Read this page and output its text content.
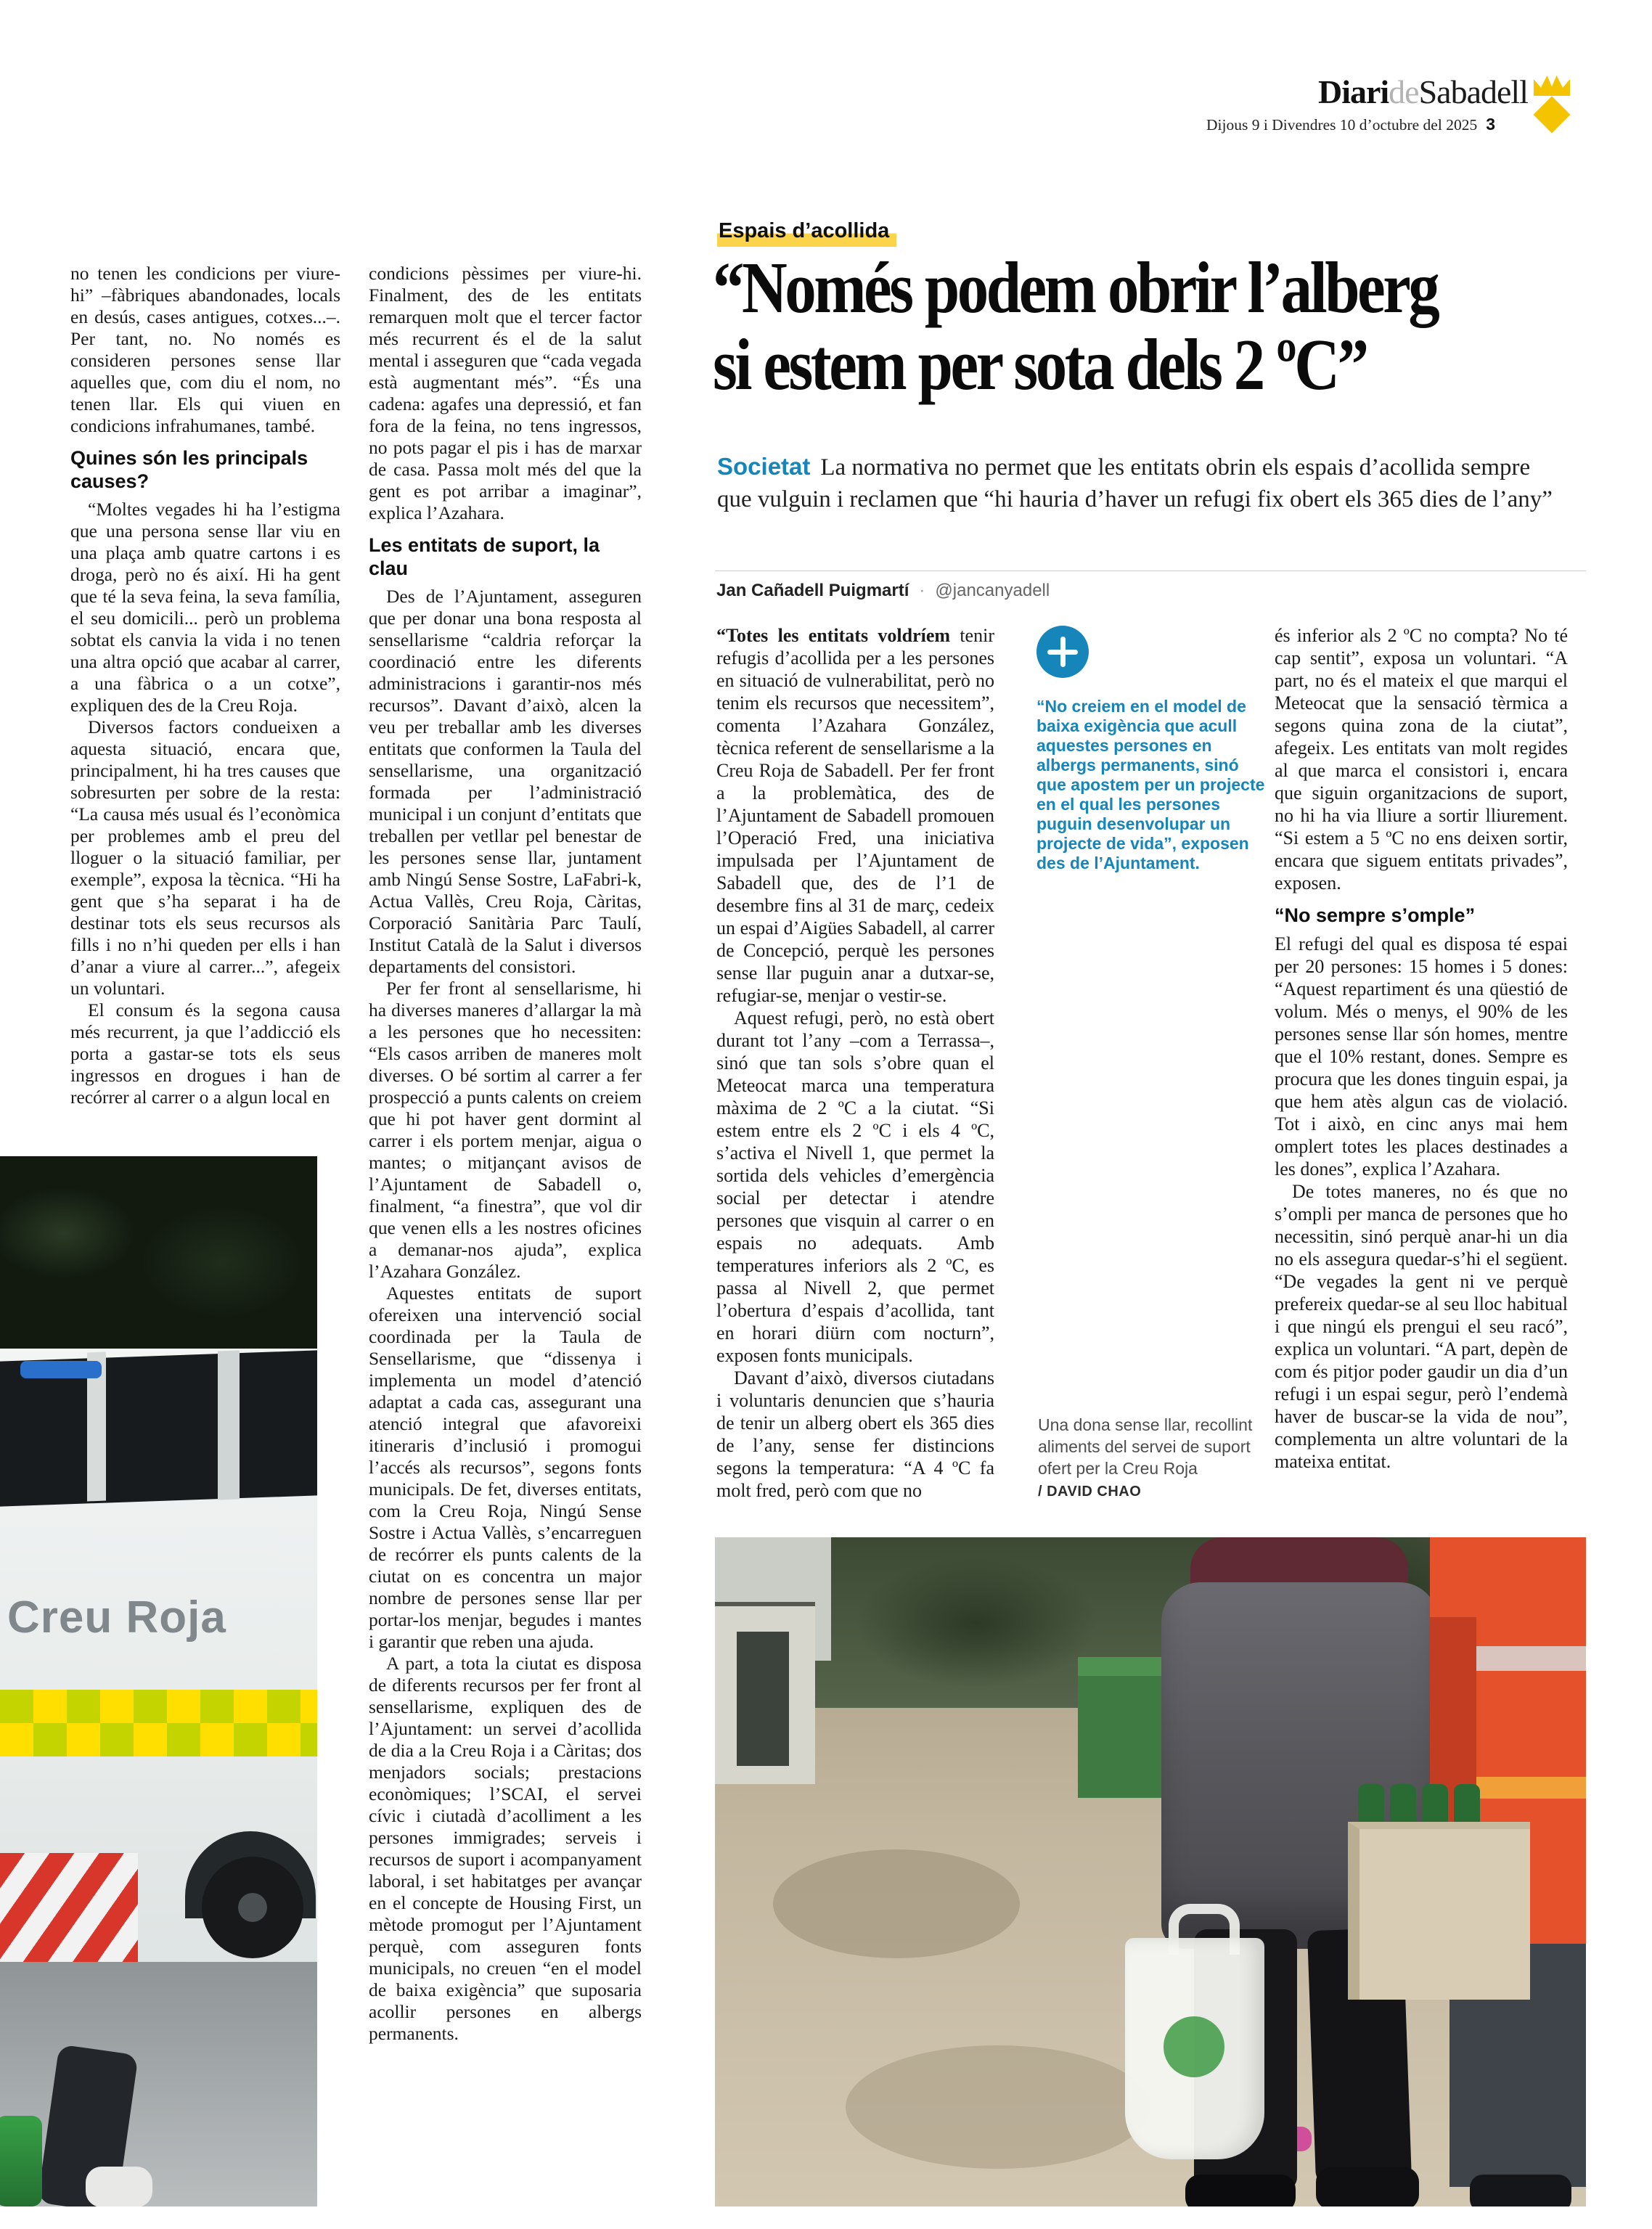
DiarideSabadell
Dijous 9 i Divendres 10 d’octubre del 2025 3
Espais d’acollida
“Només podem obrir l’alberg
si estem per sota dels 2 ºC”

Societat La normativa no permet que les entitats obrin els espais d’acollida sempre que vulguin i reclamen que “hi hauria d’haver un refugi fix obert els 365 dies de l’any”

Jan Cañadell Puigmartí · @jancanyadell

no tenen les condicions per viure-hi” –fàbriques abandonades, locals en desús, cases antigues, cotxes...–. Per tant, no. No només es consideren persones sense llar aquelles que, com diu el nom, no tenen llar. Els qui viuen en condicions infrahumanes, també.

Quines són les principals causes?

“Moltes vegades hi ha l’estigma que una persona sense llar viu en una plaça amb quatre cartons i es droga, però no és així. Hi ha gent que té la seva feina, la seva família, el seu domicili... però un problema sobtat els canvia la vida i no tenen una altra opció que acabar al carrer, a una fàbrica o a un cotxe”, expliquen des de la Creu Roja.

Diversos factors condueixen a aquesta situació, encara que, principalment, hi ha tres causes que sobresurten per sobre de la resta: “La causa més usual és l’econòmica per problemes amb el preu del lloguer o la situació familiar, per exemple”, exposa la tècnica. “Hi ha gent que s’ha separat i ha de destinar tots els seus recursos als fills i no n’hi queden per ells i han d’anar a viure al carrer...”, afegeix un voluntari.

El consum és la segona causa més recurrent, ja que l’addicció els porta a gastar-se tots els seus ingressos en drogues i han de recórrer al carrer o a algun local en

condicions pèssimes per viure-hi. Finalment, des de les entitats remarquen molt que el tercer factor més recurrent és el de la salut mental i asseguren que “cada vegada està augmentant més”. “És una cadena: agafes una depressió, et fan fora de la feina, no tens ingressos, no pots pagar el pis i has de marxar de casa. Passa molt més del que la gent es pot arribar a imaginar”, explica l’Azahara.

Les entitats de suport, la clau

Des de l’Ajuntament, asseguren que per donar una bona resposta al sensellarisme “caldria reforçar la coordinació entre les diferents administracions i garantir-nos més recursos”. Davant d’això, alcen la veu per treballar amb les diverses entitats que conformen la Taula del sensellarisme, una organització formada per l’administració municipal i un conjunt d’entitats que treballen per vetllar pel benestar de les persones sense llar, juntament amb Ningú Sense Sostre, LaFabri-k, Actua Vallès, Creu Roja, Càritas, Corporació Sanitària Parc Taulí, Institut Català de la Salut i diversos departaments del consistori.

Per fer front al sensellarisme, hi ha diverses maneres d’allargar la mà a les persones que ho necessiten: “Els casos arriben de maneres molt diverses. O bé sortim al carrer a fer prospecció a punts calents on creiem que hi pot haver gent dormint al carrer i els portem menjar, aigua o mantes; o mitjançant avisos de l’Ajuntament de Sabadell o, finalment, “a finestra”, que vol dir que venen ells a les nostres oficines a demanar-nos ajuda”, explica l’Azahara González.

Aquestes entitats de suport ofereixen una intervenció social coordinada per la Taula de Sensellarisme, que “dissenya i implementa un model d’atenció adaptat a cada cas, assegurant una atenció integral que afavoreixi itineraris d’inclusió i promogui l’accés als recursos”, segons fonts municipals. De fet, diverses entitats, com la Creu Roja, Ningú Sense Sostre i Actua Vallès, s’encarreguen de recórrer els punts calents de la ciutat on es concentra un major nombre de persones sense llar per portar-los menjar, begudes i mantes i garantir que reben una ajuda.

A part, a tota la ciutat es disposa de diferents recursos per fer front al sensellarisme, expliquen des de l’Ajuntament: un servei d’acollida de dia a la Creu Roja i a Càritas; dos menjadors socials; prestacions econòmiques; l’SCAI, el servei cívic i ciutadà d’acolliment a les persones immigrades; serveis i recursos de suport i acompanyament laboral, i set habitatges per avançar en el concepte de Housing First, un mètode promogut per l’Ajuntament perquè, com asseguren fonts municipals, no creuen “en el model de baixa exigència” que suposaria acollir persones en albergs permanents.

“Totes les entitats voldríem tenir refugis d’acollida per a les persones en situació de vulnerabilitat, però no tenim els recursos que necessitem”, comenta l’Azahara González, tècnica referent de sensellarisme a la Creu Roja de Sabadell. Per fer front a la problemàtica, des de l’Ajuntament de Sabadell promouen l’Operació Fred, una iniciativa impulsada per l’Ajuntament de Sabadell que, des de l’1 de desembre fins al 31 de març, cedeix un espai d’Aigües Sabadell, al carrer de Concepció, perquè les persones sense llar puguin anar a dutxar-se, refugiar-se, menjar o vestir-se.

Aquest refugi, però, no està obert durant tot l’any –com a Terrassa–, sinó que tan sols s’obre quan el Meteocat marca una temperatura màxima de 2 ºC a la ciutat. “Si estem entre els 2 ºC i els 4 ºC, s’activa el Nivell 1, que permet la sortida dels vehicles d’emergència social per detectar i atendre persones que visquin al carrer o en espais no adequats. Amb temperatures inferiors als 2 ºC, es passa al Nivell 2, que permet l’obertura d’espais d’acollida, tant en horari diürn com nocturn”, exposen fonts municipals.

Davant d’això, diversos ciutadans i voluntaris denuncien que s’hauria de tenir un alberg obert els 365 dies de l’any, sense fer distincions segons la temperatura: “A 4 ºC fa molt fred, però com que no

“No creiem en el model de baixa exigència que acull aquestes persones en albergs permanents, sinó que apostem per un projecte en el qual les persones puguin desenvolupar un projecte de vida”, exposen des de l’Ajuntament.

és inferior als 2 ºC no compta? No té cap sentit”, exposa un voluntari. “A part, no és el mateix el que marqui el Meteocat que la sensació tèrmica a segons quina zona de la ciutat”, afegeix. Les entitats van molt regides al que marca el consistori i, encara que siguin organitzacions de suport, no hi ha via lliure a sortir lliurement. “Si estem a 5 ºC no ens deixen sortir, encara que siguem entitats privades”, exposen.

“No sempre s’omple”

El refugi del qual es disposa té espai per 20 persones: 15 homes i 5 dones: “Aquest repartiment és una qüestió de volum. Més o menys, el 90% de les persones sense llar són homes, mentre que el 10% restant, dones. Sempre es procura que les dones tinguin espai, ja que hem atès algun cas de violació. Tot i això, en cinc anys mai hem omplert totes les places destinades a les dones”, explica l’Azahara.

De totes maneres, no és que no s’ompli per manca de persones que ho necessitin, sinó perquè anar-hi un dia no els assegura quedar-s’hi el següent. “De vegades la gent ni ve perquè prefereix quedar-se al seu lloc habitual i que ningú els prengui el seu racó”, explica un voluntari. “A part, depèn de com és pitjor poder gaudir un dia d’un refugi i un espai segur, però l’endemà haver de buscar-se la vida de nou”, complementa un altre voluntari de la mateixa entitat.

Una dona sense llar, recollint aliments del servei de suport ofert per la Creu Roja
/ DAVID CHAO
Creu Roja
